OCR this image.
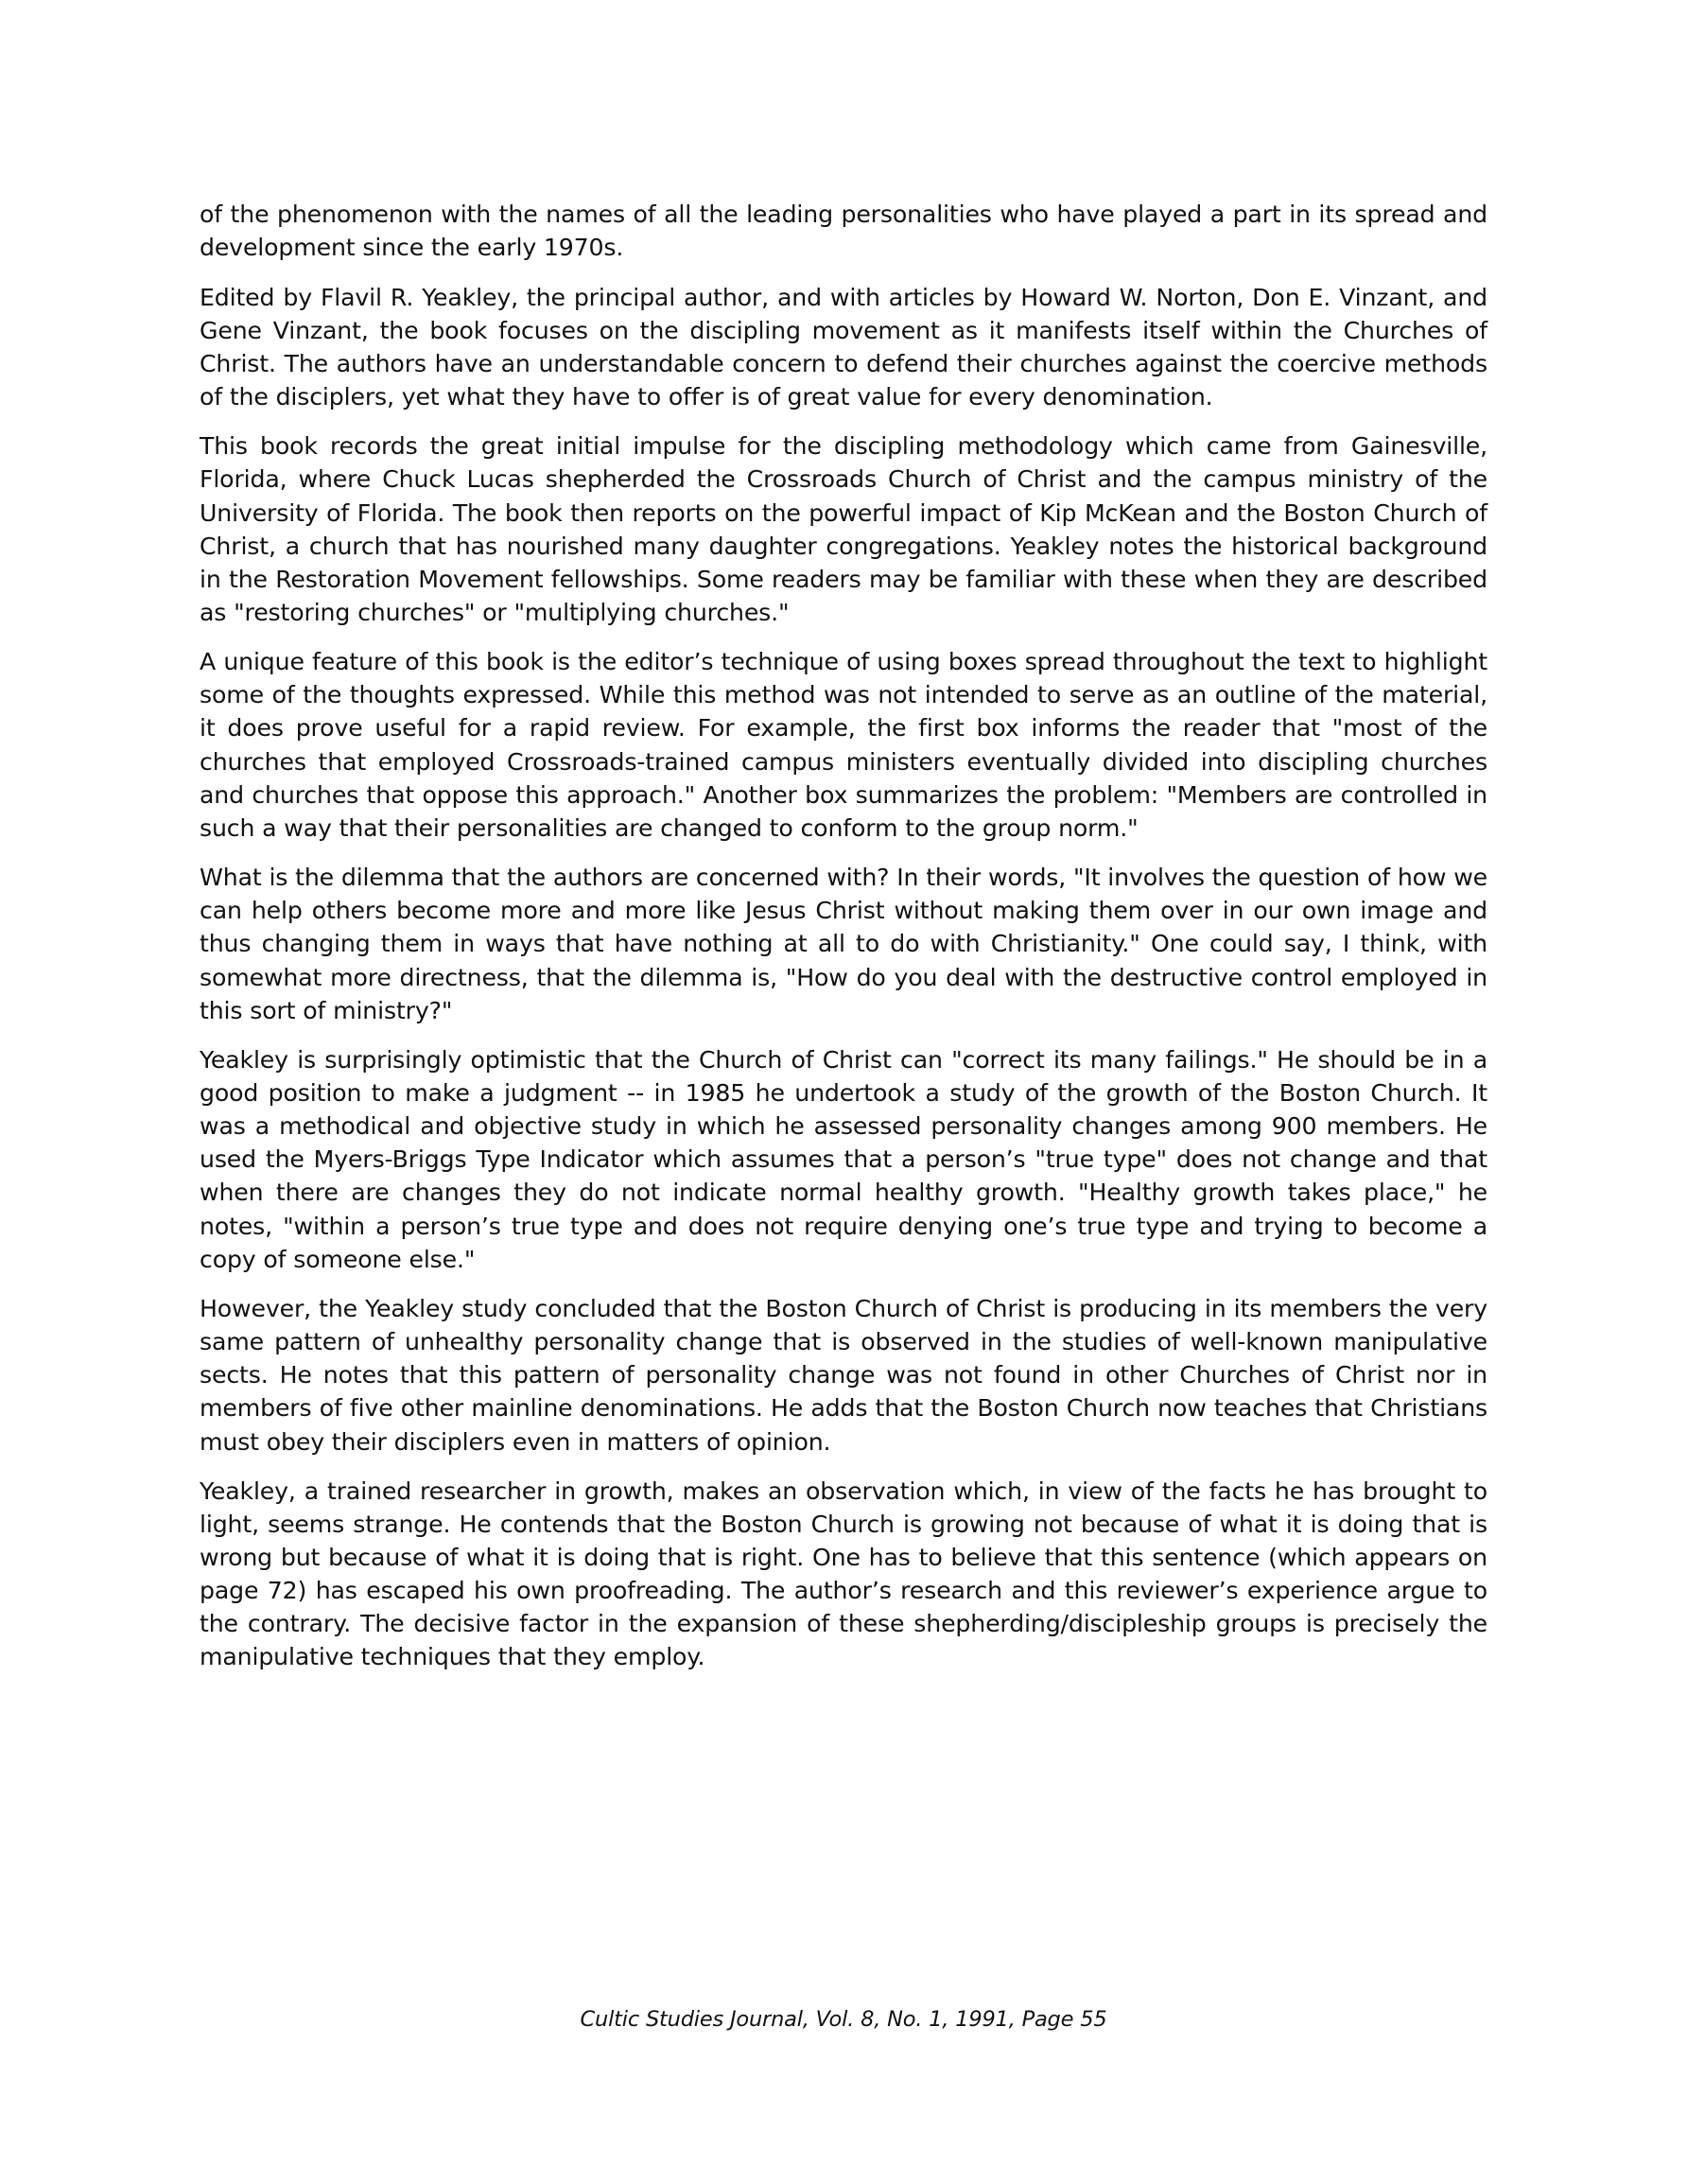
of the phenomenon with the names of all the leading personalities who have played a part in its spread and development since the early 1970s.

Edited by Flavil R. Yeakley, the principal author, and with articles by Howard W. Norton, Don E. Vinzant, and Gene Vinzant, the book focuses on the discipling movement as it manifests itself within the Churches of Christ. The authors have an understandable concern to defend their churches against the coercive methods of the disciplers, yet what they have to offer is of great value for every denomination.

This book records the great initial impulse for the discipling methodology which came from Gainesville, Florida, where Chuck Lucas shepherded the Crossroads Church of Christ and the campus ministry of the University of Florida. The book then reports on the powerful impact of Kip McKean and the Boston Church of Christ, a church that has nourished many daughter congregations. Yeakley notes the historical background in the Restoration Movement fellowships. Some readers may be familiar with these when they are described as "restoring churches" or "multiplying churches."

A unique feature of this book is the editor’s technique of using boxes spread throughout the text to highlight some of the thoughts expressed. While this method was not intended to serve as an outline of the material, it does prove useful for a rapid review. For example, the first box informs the reader that "most of the churches that employed Crossroads-trained campus ministers eventually divided into discipling churches and churches that oppose this approach." Another box summarizes the problem: "Members are controlled in such a way that their personalities are changed to conform to the group norm."

What is the dilemma that the authors are concerned with? In their words, "It involves the question of how we can help others become more and more like Jesus Christ without making them over in our own image and thus changing them in ways that have nothing at all to do with Christianity." One could say, I think, with somewhat more directness, that the dilemma is, "How do you deal with the destructive control employed in this sort of ministry?"

Yeakley is surprisingly optimistic that the Church of Christ can "correct its many failings." He should be in a good position to make a judgment -- in 1985 he undertook a study of the growth of the Boston Church. It was a methodical and objective study in which he assessed personality changes among 900 members. He used the Myers-Briggs Type Indicator which assumes that a person’s "true type" does not change and that when there are changes they do not indicate normal healthy growth. "Healthy growth takes place," he notes, "within a person’s true type and does not require denying one’s true type and trying to become a copy of someone else."

However, the Yeakley study concluded that the Boston Church of Christ is producing in its members the very same pattern of unhealthy personality change that is observed in the studies of well-known manipulative sects. He notes that this pattern of personality change was not found in other Churches of Christ nor in members of five other mainline denominations. He adds that the Boston Church now teaches that Christians must obey their disciplers even in matters of opinion.

Yeakley, a trained researcher in growth, makes an observation which, in view of the facts he has brought to light, seems strange. He contends that the Boston Church is growing not because of what it is doing that is wrong but because of what it is doing that is right. One has to believe that this sentence (which appears on page 72) has escaped his own proofreading. The author’s research and this reviewer’s experience argue to the contrary. The decisive factor in the expansion of these shepherding/discipleship groups is precisely the manipulative techniques that they employ.

Cultic Studies Journal, Vol. 8, No. 1, 1991, Page 55
